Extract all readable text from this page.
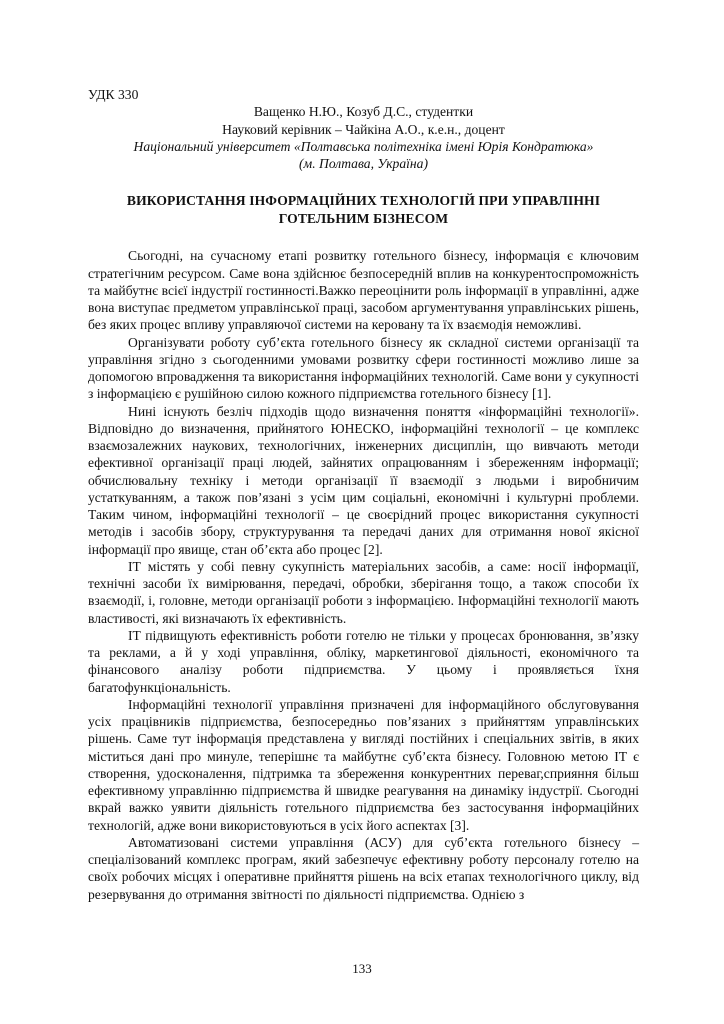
УДК 330

Ващенко Н.Ю., Козуб Д.С., студентки

Науковий керівник – Чайкіна А.О., к.е.н., доцент

Національний університет «Полтавська політехніка імені Юрія Кондратюка»

(м. Полтава, Україна)

ВИКОРИСТАННЯ ІНФОРМАЦІЙНИХ ТЕХНОЛОГІЙ ПРИ УПРАВЛІННІ
ГОТЕЛЬНИМ БІЗНЕСОМ

Сьогодні, на сучасному етапі розвитку готельного бізнесу, інформація є ключовим стратегічним ресурсом. Саме вона здійснює безпосередній вплив на конкурентоспроможність та майбутнє всієї індустрії гостинності.Важко переоцінити роль інформації в управлінні, адже вона виступає предметом управлінської праці, засобом аргументування управлінських рішень, без яких процес впливу управляючої системи на керовану та їх взаємодія неможливі.

Організувати роботу суб’єкта готельного бізнесу як складної системи організації та управління згідно з сьогоденними умовами розвитку сфери гостинності можливо лише за допомогою впровадження та використання інформаційних технологій. Саме вони у сукупності з інформацією є рушійною силою кожного підприємства готельного бізнесу [1].

Нині існують безліч підходів щодо визначення поняття «інформаційні технології». Відповідно до визначення, прийнятого ЮНЕСКО, інформаційні технології – це комплекс взаємозалежних наукових, технологічних, інженерних дисциплін, що вивчають методи ефективної організації праці людей, зайнятих опрацюванням і збереженням інформації; обчислювальну техніку і методи організації її взаємодії з людьми і виробничим устаткуванням, а також пов’язані з усім цим соціальні, економічні і культурні проблеми. Таким чином, інформаційні технології – це своєрідний процес використання сукупності методів і засобів збору, структурування та передачі даних для отримання нової якісної інформації про явище, стан об’єкта або процес [2].

ІТ містять у собі певну сукупність матеріальних засобів, а саме: носії інформації, технічні засоби їх вимірювання, передачі, обробки, зберігання тощо, а також способи їх взаємодії, і, головне, методи організації роботи з інформацією. Інформаційні технології мають властивості, які визначають їх ефективність.

ІТ підвищують ефективність роботи готелю не тільки у процесах бронювання, зв’язку та реклами, а й у ході управління, обліку, маркетингової діяльності, економічного та фінансового аналізу роботи підприємства. У цьому і проявляється їхня багатофункціональність.

Інформаційні технології управління призначені для інформаційного обслуговування усіх працівників підприємства, безпосередньо пов’язаних з прийняттям управлінських рішень. Саме тут інформація представлена у вигляді постійних і спеціальних звітів, в яких міститься дані про минуле, теперішнє та майбутнє суб’єкта бізнесу. Головною метою ІТ є створення, удосконалення, підтримка та збереження конкурентних переваг,сприяння більш ефективному управлінню підприємства й швидке реагування на динаміку індустрії. Сьогодні вкрай важко уявити діяльність готельного підприємства без застосування інформаційних технологій, адже вони використовуються в усіх його аспектах [3].

Автоматизовані системи управління (АСУ) для суб’єкта готельного бізнесу – спеціалізований комплекс програм, який забезпечує ефективну роботу персоналу готелю на своїх робочих місцях і оперативне прийняття рішень на всіх етапах технологічного циклу, від резервування до отримання звітності по діяльності підприємства. Однією з

133
